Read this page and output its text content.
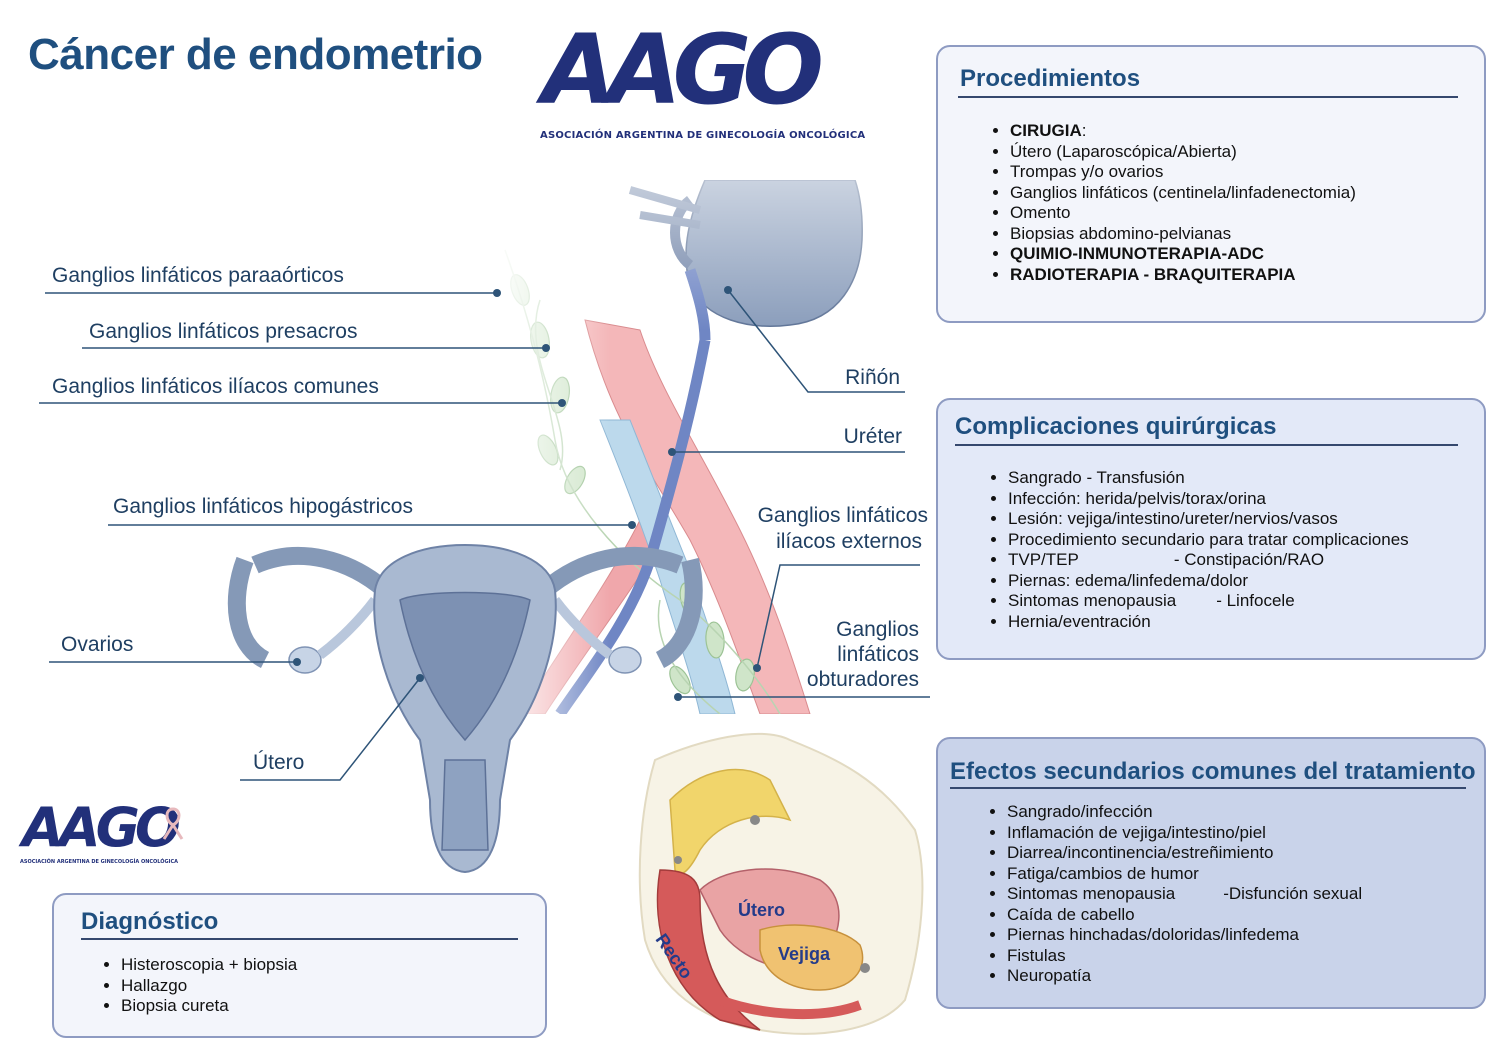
Cáncer de endometrio AAGO
ASOCIACIÓN ARGENTINA DE GINECOLOGÍA ONCOLÓGICA
Ganglios linfáticos paraaórticos
Ganglios linfáticos presacros
Ganglios linfáticos ilíacos comunes
Ganglios linfáticos hipogástricos
Ovarios
Útero
Riñón
Uréter
Ganglios linfáticos
ilíacos externos
Ganglios
linfáticos
obturadores
Útero
Recto	Vejiga
AAGO
ASOCIACIÓN ARGENTINA DE GINECOLOGÍA ONCOLÓGICA
Procedimientos
• CIRUGIA:
• Útero (Laparoscópica/Abierta)
• Trompas y/o ovarios
• Ganglios linfáticos (centinela/linfadenectomia)
• Omento
• Biopsias abdomino-pelvianas
• QUIMIO-INMUNOTERAPIA-ADC
• RADIOTERAPIA - BRAQUITERAPIA
Complicaciones quirúrgicas
• Sangrado - Transfusión
• Infección: herida/pelvis/torax/orina
• Lesión: vejiga/intestino/ureter/nervios/vasos
• Procedimiento secundario para tratar complicaciones
• TVP/TEP	- Constipación/RAO
• Piernas: edema/linfedema/dolor
• Sintomas menopausia - Linfocele
• Hernia/eventración
Efectos secundarios comunes del tratamiento
• Sangrado/infección
• Inflamación de vejiga/intestino/piel
• Diarrea/incontinencia/estreñimiento
• Fatiga/cambios de humor
• Sintomas menopausia	-Disfunción sexual
• Caída de cabello
• Piernas hinchadas/doloridas/linfedema
• Fistulas
• Neuropatía
Diagnóstico
• Histeroscopia + biopsia
• Hallazgo
• Biopsia cureta
